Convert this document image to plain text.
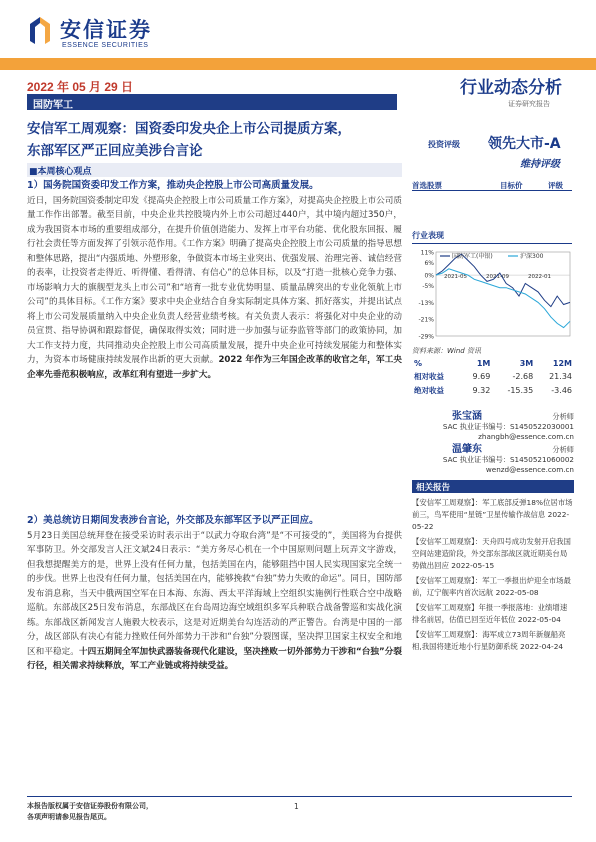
安信证券
ESSENCE SECURITIES
2022 年 05 月 29 日	行业动态分析
证券研究报告
国防军工
安信军工周观察：国资委印发央企上市公司提质方案，
东部军区严正回应美涉台言论	投资评级 领先大市-A
维持评级
■本周核心观点
1）国务院国资委印发工作方案，推动央企控股上市公司高质量发展。
近日，国务院国资委制定印发《提高央企控股上市公司质量工作方案》，对提高央企控股上市公司质量工作作出部署。截至目前，中央企业共控股境内外上市公司超过440户，其中境内超过350户，成为我国资本市场的重要组成部分，在提升价值创造能力、发挥上市平台功能、优化股东回报、履行社会责任等方面发挥了引领示范作用。《工作方案》明确了提高央企控股上市公司质量的指导思想和整体思路，提出“内强质地、外塑形象，争做资本市场主业突出、优强发展、治理完善、诚信经营的表率，让投资者走得近、听得懂、看得清、有信心”的总体目标，以及“打造一批核心竞争力强、市场影响力大的旗舰型龙头上市公司”和“培育一批专业优势明显、质量品牌突出的专业化领航上市公司”的具体目标。《工作方案》要求中央企业结合自身实际制定具体方案、抓好落实，并提出试点将上市公司发展质量纳入中央企业负责人经营业绩考核。有关负责人表示：将强化对中央企业的动员宣贯、指导协调和跟踪督促，确保取得实效；同时进一步加强与证券监管等部门的政策协同，加大工作支持力度，共同推动央企控股上市公司高质量发展，提升中央企业可持续发展能力和整体实力，为资本市场健康持续发展作出新的更大贡献。2022 年作为三年国企改革的收官之年，军工央企率先垂范积极响应，改革红利有望进一步扩大。
2）美总统访日期间发表涉台言论，外交部及东部军区予以严正回应。
5月23日美国总统拜登在接受采访时表示出于“以武力夺取台湾”是“不可接受的”，美国将为台提供军事防卫。外交部发言人汪文斌24日表示：“美方务尽心机在一个中国原则问题上玩弄文字游戏，但我想提醒美方的是，世界上没有任何力量，包括美国在内，能够阻挡中国人民实现国家完全统一的步伐。世界上也没有任何力量，包括美国在内，能够挽救“台独”势力失败的命运”。同日，国防部发布消息称，当天中俄两国空军在日本海、东海、西太平洋海域上空组织实施例行性联合空中战略巡航。东部战区25日发布消息，东部战区在台岛周边海空域组织多军兵种联合战备警巡和实战化演练。东部战区新闻发言人施毅大校表示，这是对近期美台勾连活动的严正警告。台湾是中国的一部分，战区部队有决心有能力挫败任何外部势力干涉和“台独”分裂图谋，坚决捍卫国家主权安全和地区和平稳定。十四五期间全军加快武器装备现代化建设，坚决挫败一切外部势力干涉和“台独”分裂行径，相关需求持续释放，军工产业链或将持续受益。
首选股票	目标价	评级
行业表现
11%
6%
0%
-5%
-13%
-21%
-29%
2021-05	2021-09	2022-01
国防军工(申银)	沪深300
资料来源：Wind 资讯
%	1M	3M	12M
相对收益	9.69	-2.68	21.34
绝对收益	9.32	-15.35	-3.46
张宝涵	分析师
SAC 执业证书编号：S1450522030001
zhangbh@essence.com.cn
温肇东	分析师
SAC 执业证书编号：S1450521060002
wenzd@essence.com.cn
相关报告
【安信军工周观察】：军工底部反弹18%位居市场前三，鸟军使用“星链”卫星传输作战信息 2022-05-22
【安信军工周观察】：天舟四号成功发射开启我国空间站建造阶段，外交部东部战区就近期美台局势做出回应 2022-05-15
【安信军工周观察】：军工一季报出炉迎全市场最前，辽宁舰率内首次远航 2022-05-08
【安信军工周观察】年报一季报落地：业绩增速排名前居，估值已回至近年低位 2022-05-04
【安信军工周观察】：海军成立73周年新舰船亮相,我国将建近地小行星防御系统 2022-04-24
本报告版权属于安信证券股份有限公司，
各项声明请参见报告尾页。
1
